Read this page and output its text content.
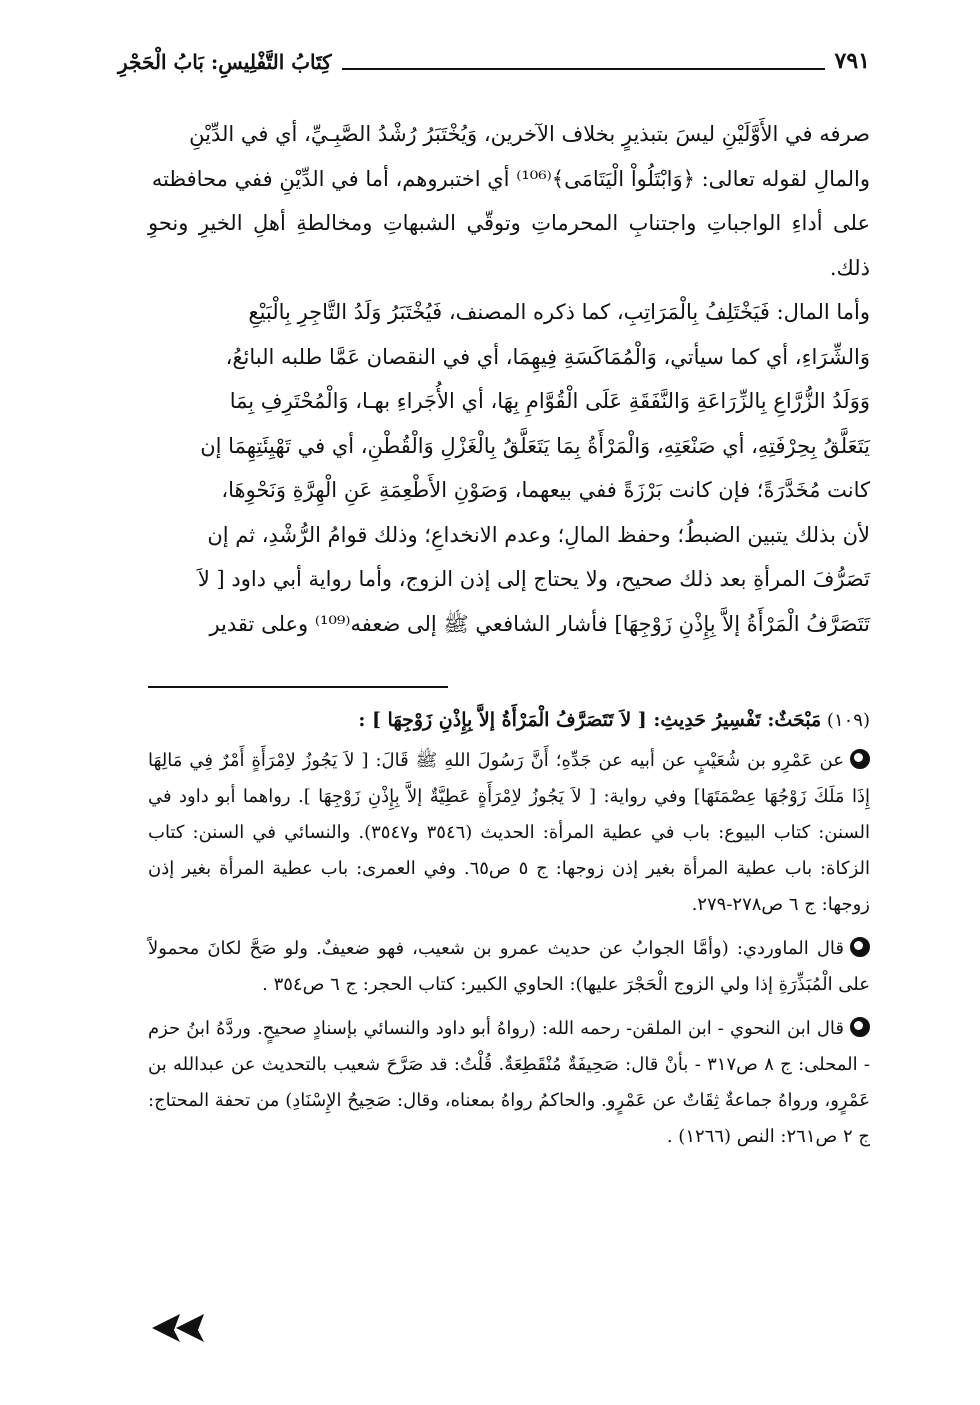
٧٩١
كِتَابُ التَّفْلِيسِ: بَابُ الْحَجْرِ

صرفه في الأَوَّلَيْنِ ليسَ بتبذيرٍ بخلاف الآخرين، وَيُخْتَبَرُ رُشْدُ الصَّبِـيِّ، أي في الدِّيْنِ

والمالِ لقوله تعالى: ﴿وَابْتَلُواْ الْيَتَامَى﴾⁽¹⁰⁶⁾ أي اختبروهم، أما في الدِّيْنِ ففي محافظته

على أداءِ الواجباتِ واجتنابِ المحرماتِ وتوقّي الشبهاتِ ومخالطةِ أهلِ الخيرِ ونحوِ ذلك.

وأما المال: فَيَخْتَلِفُ بِالْمَرَاتِبِ، كما ذكره المصنف، فَيُخْتَبَرُ وَلَدُ التَّاجِرِ بِالْبَيْعِ

وَالشِّرَاءِ، أي كما سيأتي، وَالْمُمَاكَسَةِ فِيهِمَا، أي في النقصان عَمَّا طلبه البائعُ،

وَوَلَدُ الزُّرَّاعِ بِالزِّرَاعَةِ وَالنَّفَقَةِ عَلَى الْقُوَّامِ بِهَا، أي الأُجَراءِ بهـا، وَالْمُحْتَرِفِ بِمَا

يَتَعَلَّقُ بِحِرْفَتِهِ، أي صَنْعَتِهِ، وَالْمَرْأَةُ بِمَا يَتَعَلَّقُ بِالْغَزْلِ وَالْقُطْنِ، أي في تَهْيِئَتِهِمَا إن

كانت مُخَدَّرَةً؛ فإن كانت بَرْزَةً ففي بيعهما، وَصَوْنِ الأَطْعِمَةِ عَنِ الْهِرَّةِ وَنَحْوِهَا،

لأن بذلك يتبين الضبطُ؛ وحفظ المالِ؛ وعدم الانخداعِ؛ وذلك قوامُ الرُّشْدِ، ثم إن

تَصَرُّفَ المرأةِ بعد ذلك صحيح، ولا يحتاج إلى إذن الزوج، وأما رواية أبي داود [ لاَ

تَتَصَرَّفُ الْمَرْأَةُ إلاَّ بِإِذْنِ زَوْجِهَا] فأشار الشافعي ﷺ إلى ضعفه⁽¹⁰⁹⁾ وعلى تقدير

(١٠٩) مَبْحَثٌ: تَفْسِيرُ حَدِيثِ: [ لاَ تَتَصَرَّفُ الْمَرْأَةُ إلاَّ بِإِذْنِ زَوْجِهَا ] :

عن عَمْرِو بن شُعَيْبٍ عن أبيه عن جَدِّهِ؛ أَنَّ رَسُولَ اللهِ ﷺ قَالَ: [ لاَ يَجُوزُ لاِمْرَأَةٍ أَمْرٌ فِي مَالِهَا إِذَا مَلَكَ زَوْجُهَا عِصْمَتَهَا] وفي رواية: [ لاَ يَجُوزُ لاِمْرَأَةٍ عَطِيَّةٌ إلاَّ بِإِذْنِ زَوْجِهَا ]. رواهما أبو داود في السنن: كتاب البيوع: باب في عطية المرأة: الحديث (٣٥٤٦ و٣٥٤٧). والنسائي في السنن: كتاب الزكاة: باب عطية المرأة بغير إذن زوجها: ج ٥ ص٦٥. وفي العمرى: باب عطية المرأة بغير إذن زوجها: ج ٦ ص٢٧٨-٢٧٩.

قال الماوردي: (وأمَّا الجوابُ عن حديث عمرو بن شعيب، فهو ضعيفٌ. ولو صَحَّ لكانَ محمولاً على الْمُبَذِّرَةِ إذا ولي الزوج الْحَجْرَ عليها): الحاوي الكبير: كتاب الحجر: ج ٦ ص٣٥٤ .

قال ابن النحوي - ابن الملقن- رحمه الله: (رواهُ أبو داود والنسائي بإسنادٍ صحيحٍ. وردَّهُ ابنُ حزم - المحلى: ج ٨ ص٣١٧ - بأنْ قال: صَحِيفَةٌ مُنْقَطِعَةٌ. قُلْتُ: قد صَرَّحَ شعيب بالتحديث عن عبدالله بن عَمْرٍو، ورواهُ جماعةٌ ثِقَاتٌ عن عَمْرٍو. والحاكمُ رواهُ بمعناه، وقال: صَحِيحُ الإِسْنَادِ) من تحفة المحتاج: ج ٢ ص٢٦١: النص (١٢٦٦) .
